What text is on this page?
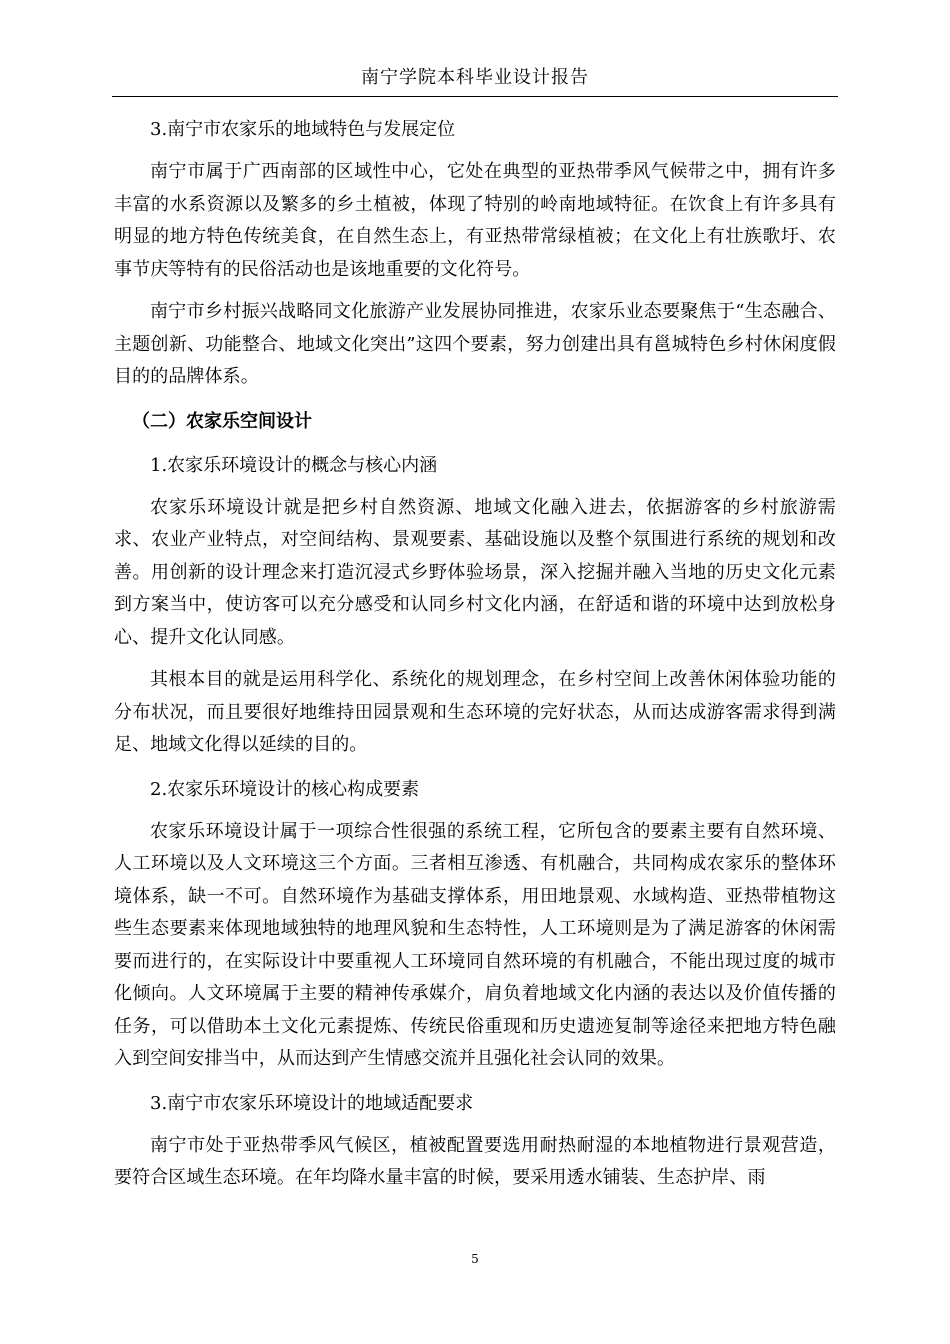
南宁学院本科毕业设计报告

3.南宁市农家乐的地域特色与发展定位

南宁市属于广西南部的区域性中心，它处在典型的亚热带季风气候带之中，拥有许多丰富的水系资源以及繁多的乡土植被，体现了特别的岭南地域特征。在饮食上有许多具有明显的地方特色传统美食，在自然生态上，有亚热带常绿植被；在文化上有壮族歌圩、农事节庆等特有的民俗活动也是该地重要的文化符号。

南宁市乡村振兴战略同文化旅游产业发展协同推进，农家乐业态要聚焦于“生态融合、主题创新、功能整合、地域文化突出”这四个要素，努力创建出具有邕城特色乡村休闲度假目的的品牌体系。

（二）农家乐空间设计

1.农家乐环境设计的概念与核心内涵

农家乐环境设计就是把乡村自然资源、地域文化融入进去，依据游客的乡村旅游需求、农业产业特点，对空间结构、景观要素、基础设施以及整个氛围进行系统的规划和改善。用创新的设计理念来打造沉浸式乡野体验场景，深入挖掘并融入当地的历史文化元素到方案当中，使访客可以充分感受和认同乡村文化内涵，在舒适和谐的环境中达到放松身心、提升文化认同感。

其根本目的就是运用科学化、系统化的规划理念，在乡村空间上改善休闲体验功能的分布状况，而且要很好地维持田园景观和生态环境的完好状态，从而达成游客需求得到满足、地域文化得以延续的目的。

2.农家乐环境设计的核心构成要素

农家乐环境设计属于一项综合性很强的系统工程，它所包含的要素主要有自然环境、人工环境以及人文环境这三个方面。三者相互渗透、有机融合，共同构成农家乐的整体环境体系，缺一不可。自然环境作为基础支撑体系，用田地景观、水域构造、亚热带植物这些生态要素来体现地域独特的地理风貌和生态特性，人工环境则是为了满足游客的休闲需要而进行的，在实际设计中要重视人工环境同自然环境的有机融合，不能出现过度的城市化倾向。人文环境属于主要的精神传承媒介，肩负着地域文化内涵的表达以及价值传播的任务，可以借助本土文化元素提炼、传统民俗重现和历史遗迹复制等途径来把地方特色融入到空间安排当中，从而达到产生情感交流并且强化社会认同的效果。

3.南宁市农家乐环境设计的地域适配要求

南宁市处于亚热带季风气候区，植被配置要选用耐热耐湿的本地植物进行景观营造，要符合区域生态环境。在年均降水量丰富的时候，要采用透水铺装、生态护岸、雨

5
